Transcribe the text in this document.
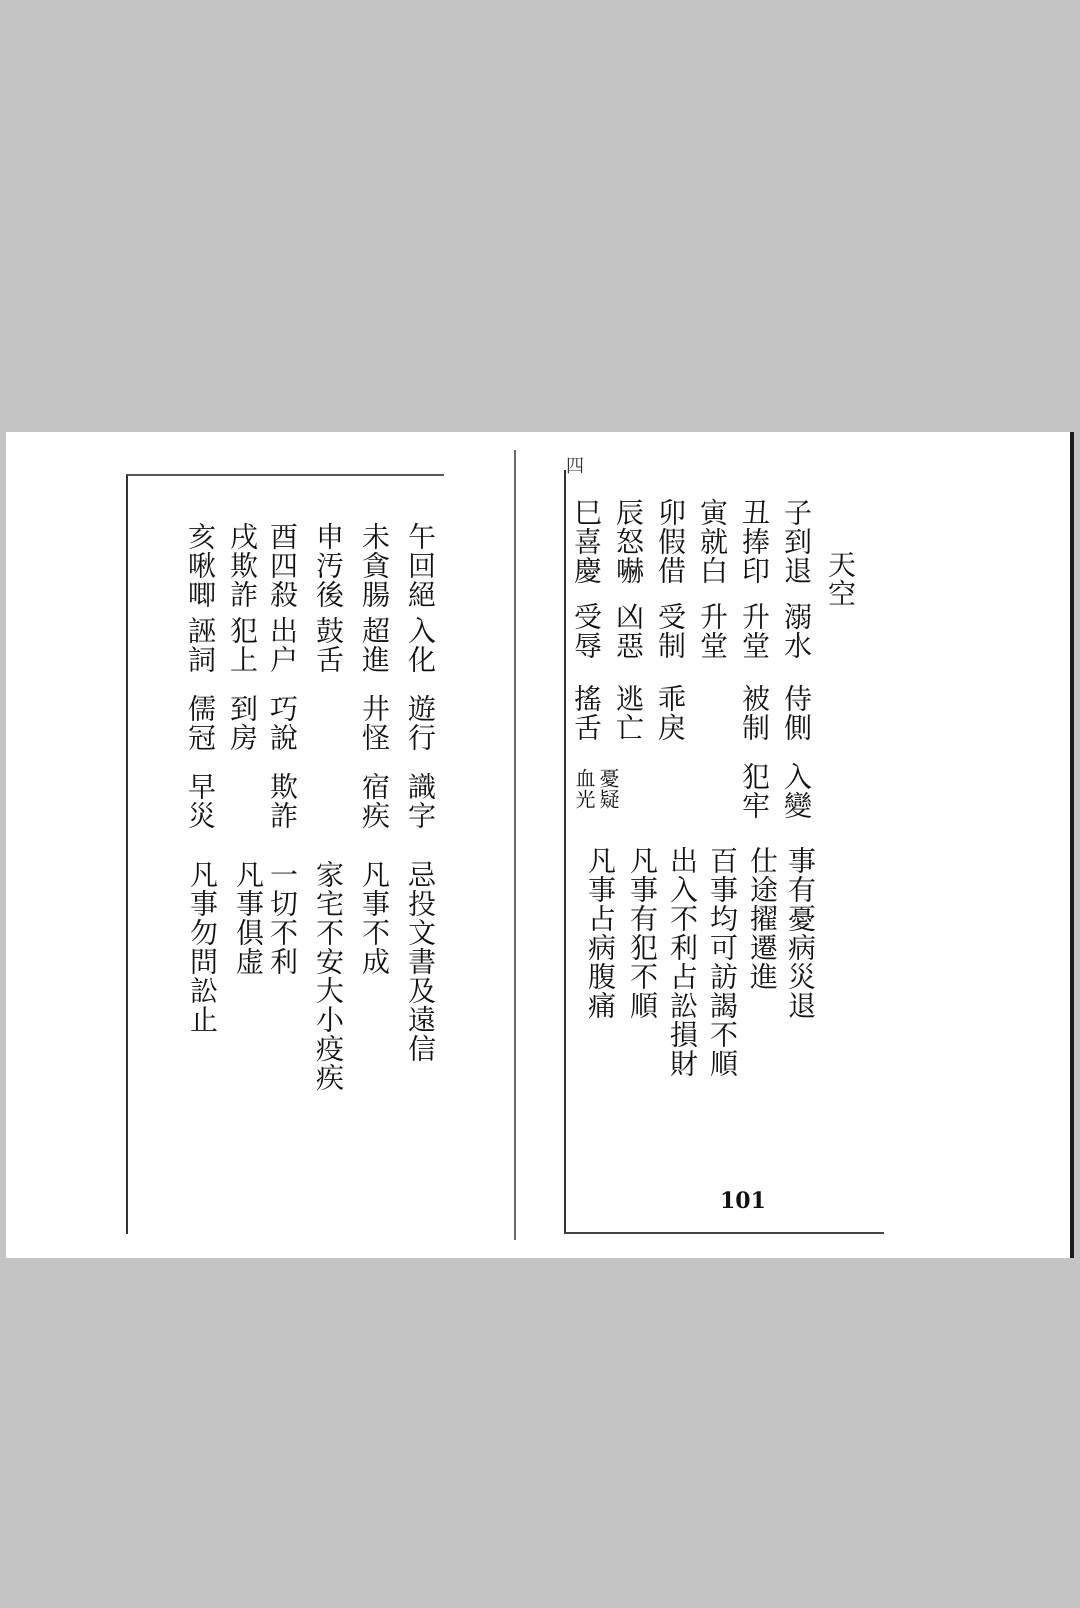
午回絕
入化
遊行
識字
未貪腸
超進
井怪
宿疾
申汚後
鼓舌
酉四殺
出户
巧說
欺詐
戌欺詐
犯上
到房
亥啾唧
誣詞
儒冠
早災
忌投文書及遠信
凡事不成
家宅不安大小疫疾
一切不利
凡事俱虚
凡事勿問訟止
四
天空
子到退
溺水
侍側
入變
丑捧印
升堂
被制
犯牢
寅就白
升堂
卯假借
受制
乖戾
辰怒嚇
凶惡
逃亡
巳喜慶
受辱
搖舌
血光 憂疑
事有憂病災退
仕途擢遷進
百事均可訪謁不順
出入不利占訟損財
凡事有犯不順
凡事占病腹痛
101
